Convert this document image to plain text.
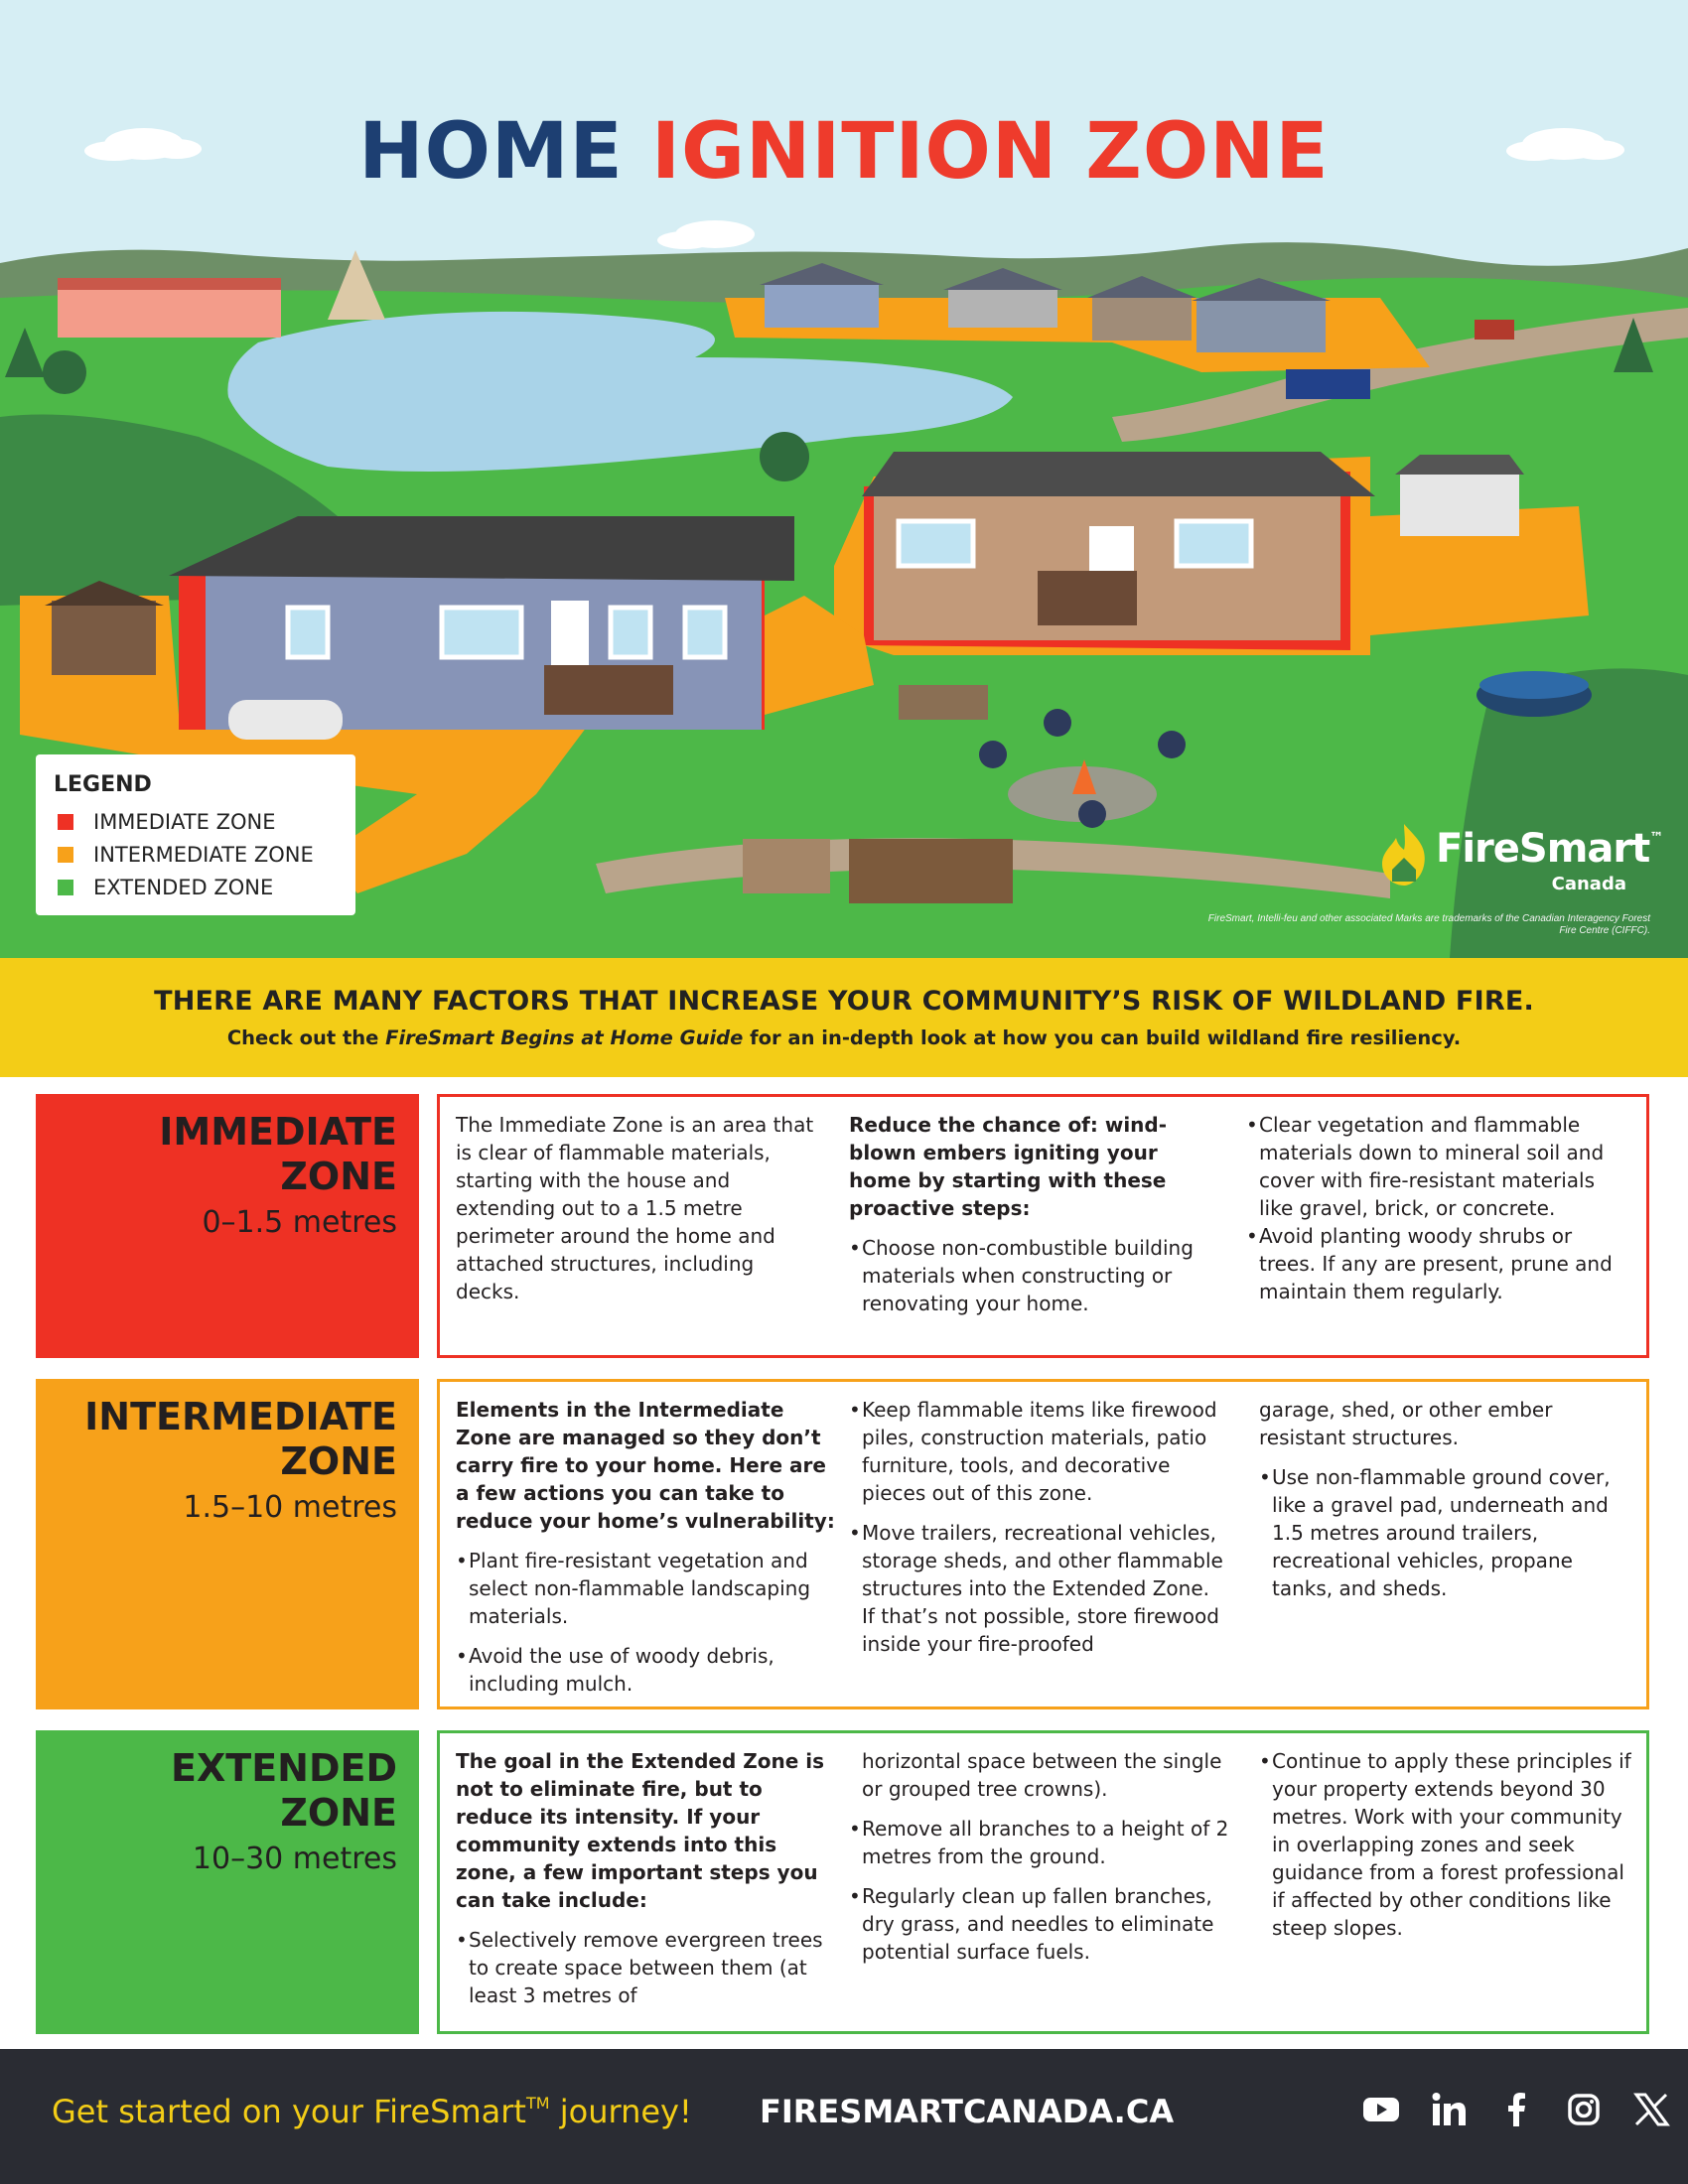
HOME IGNITION ZONE
LEGEND
IMMEDIATE ZONE
INTERMEDIATE ZONE
EXTENDED ZONE
FireSmart™
Canada
FireSmart, Intelli-feu and other associated Marks are trademarks of the Canadian Interagency Forest Fire Centre (CIFFC).
THERE ARE MANY FACTORS THAT INCREASE YOUR COMMUNITY’S RISK OF WILDLAND FIRE.
Check out the FireSmart Begins at Home Guide for an in-depth look at how you can build wildland fire resiliency.
IMMEDIATE
ZONE
0–1.5 metres
The Immediate Zone is an area that is clear of flammable materials, starting with the house and extending out to a 1.5 metre perimeter around the home and attached structures, including decks.
Reduce the chance of: wind-blown embers igniting your home by starting with these proactive steps:
• Choose non-combustible building materials when constructing or renovating your home.
• Clear vegetation and flammable materials down to mineral soil and cover with fire-resistant materials like gravel, brick, or concrete.
• Avoid planting woody shrubs or trees. If any are present, prune and maintain them regularly.
INTERMEDIATE
ZONE
1.5–10 metres
Elements in the Intermediate Zone are managed so they don’t carry fire to your home. Here are a few actions you can take to reduce your home’s vulnerability:
• Plant fire-resistant vegetation and select non-flammable landscaping materials.
• Avoid the use of woody debris, including mulch.
• Keep flammable items like firewood piles, construction materials, patio furniture, tools, and decorative pieces out of this zone.
• Move trailers, recreational vehicles, storage sheds, and other flammable structures into the Extended Zone. If that’s not possible, store firewood inside your fire-proofed
garage, shed, or other ember resistant structures.
• Use non-flammable ground cover, like a gravel pad, underneath and 1.5 metres around trailers, recreational vehicles, propane tanks, and sheds.
EXTENDED
ZONE
10–30 metres
The goal in the Extended Zone is not to eliminate fire, but to reduce its intensity. If your community extends into this zone, a few important steps you can take include:
• Selectively remove evergreen trees to create space between them (at least 3 metres of
horizontal space between the single or grouped tree crowns).
• Remove all branches to a height of 2 metres from the ground.
• Regularly clean up fallen branches, dry grass, and needles to eliminate potential surface fuels.
• Continue to apply these principles if your property extends beyond 30 metres. Work with your community in overlapping zones and seek guidance from a forest professional if affected by other conditions like steep slopes.
Get started on your FireSmart™ journey! FIRESMARTCANADA.CA
